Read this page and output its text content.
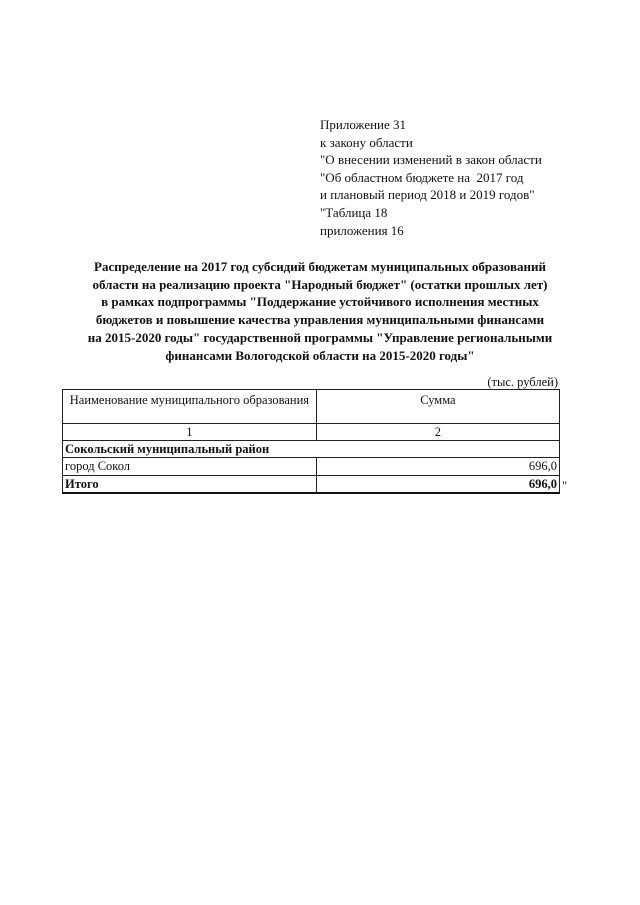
Приложение 31
к закону области
"О внесении изменений в закон области
"Об областном бюджете на  2017 год
и плановый период 2018 и 2019 годов"
"Таблица 18
приложения 16
Распределение на 2017 год субсидий бюджетам муниципальных образований
области на реализацию проекта "Народный бюджет" (остатки прошлых лет)
в рамках подпрограммы "Поддержание устойчивого исполнения местных
бюджетов и повышение качества управления муниципальными финансами
на 2015-2020 годы" государственной программы "Управление региональными
финансами Вологодской области на 2015-2020 годы"
(тыс. рублей)
Наименование муниципального образования	Сумма
1	2
Сокольский муниципальный район	
город Сокол	696,0
Итого	696,0 "
